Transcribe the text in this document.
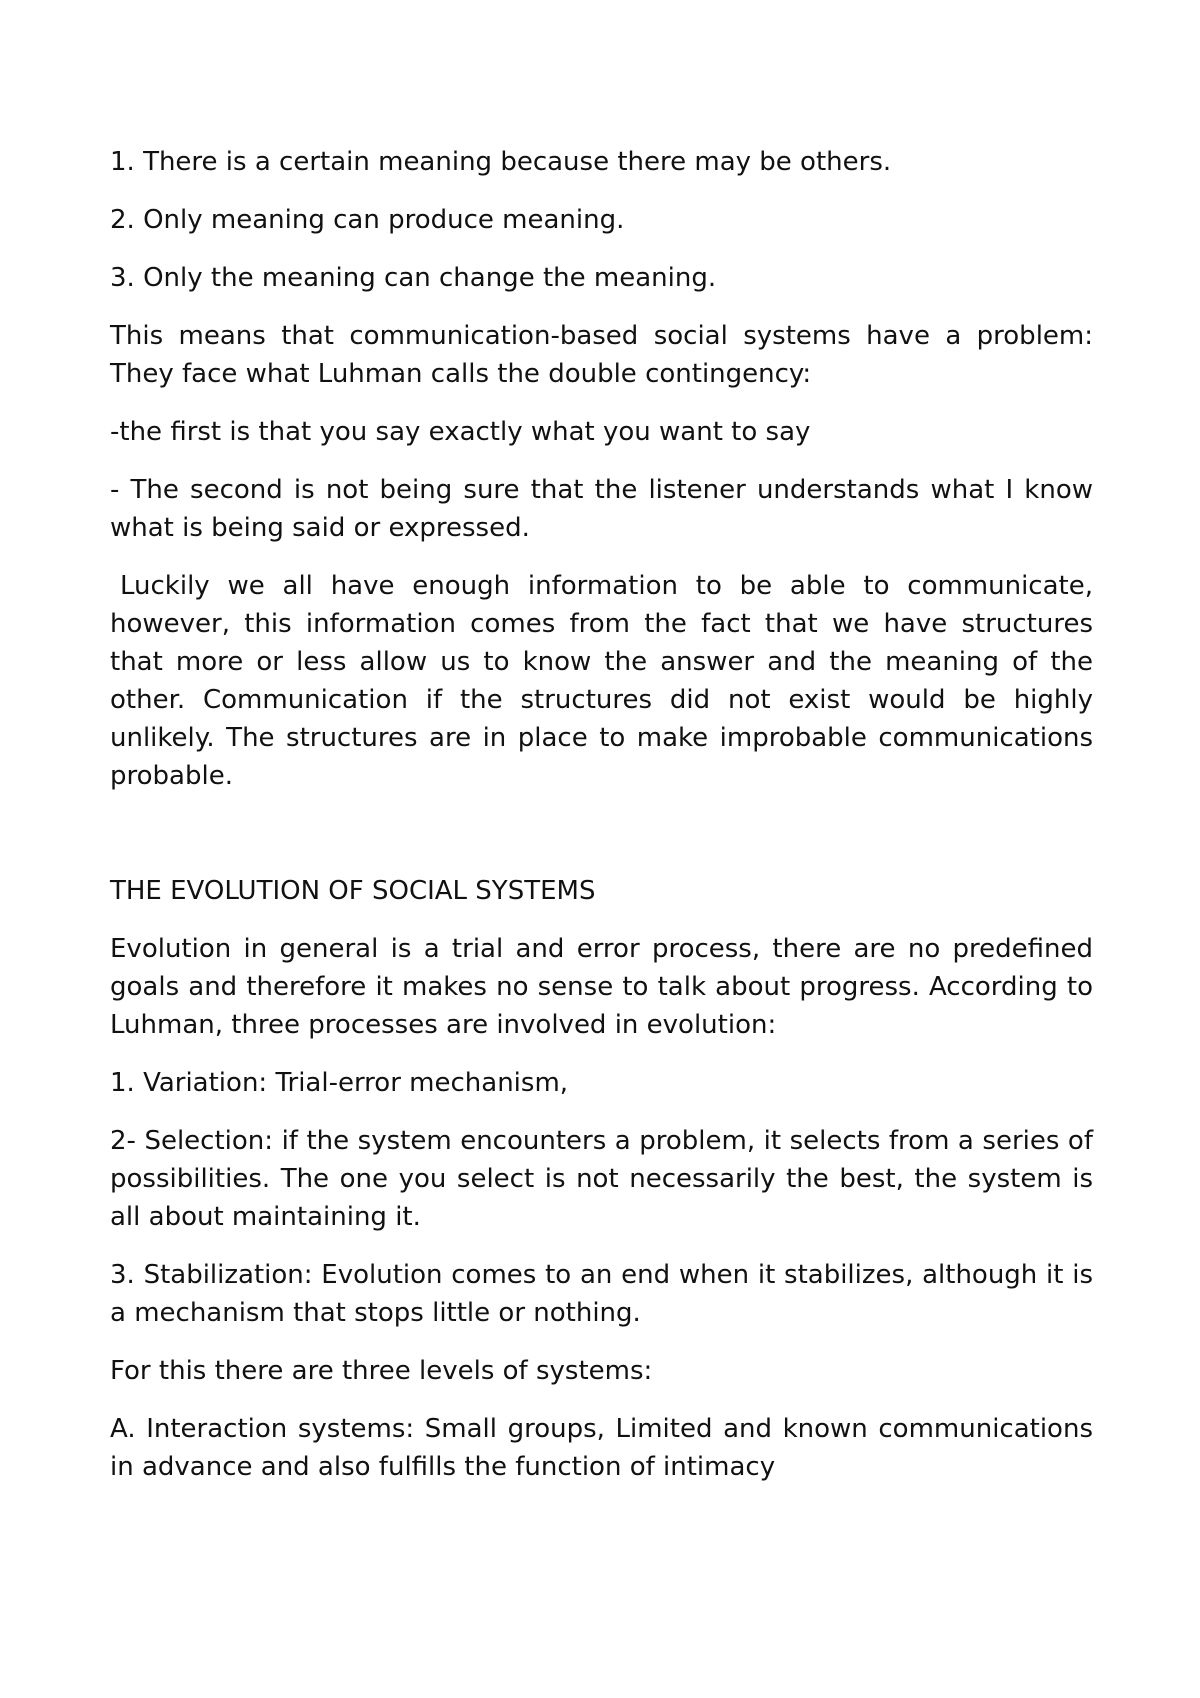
1. There is a certain meaning because there may be others.

2. Only meaning can produce meaning.

3. Only the meaning can change the meaning.

This means that communication-based social systems have a problem: They face what Luhman calls the double contingency:

-the first is that you say exactly what you want to say

- The second is not being sure that the listener understands what I know what is being said or expressed.

Luckily we all have enough information to be able to communicate, however, this information comes from the fact that we have structures that more or less allow us to know the answer and the meaning of the other. Communication if the structures did not exist would be highly unlikely. The structures are in place to make improbable communications probable.

THE EVOLUTION OF SOCIAL SYSTEMS

Evolution in general is a trial and error process, there are no predefined goals and therefore it makes no sense to talk about progress. According to Luhman, three processes are involved in evolution:

1. Variation: Trial-error mechanism,

2- Selection: if the system encounters a problem, it selects from a series of possibilities. The one you select is not necessarily the best, the system is all about maintaining it.

3. Stabilization: Evolution comes to an end when it stabilizes, although it is a mechanism that stops little or nothing.

For this there are three levels of systems:

A. Interaction systems: Small groups, Limited and known communications in advance and also fulfills the function of intimacy
